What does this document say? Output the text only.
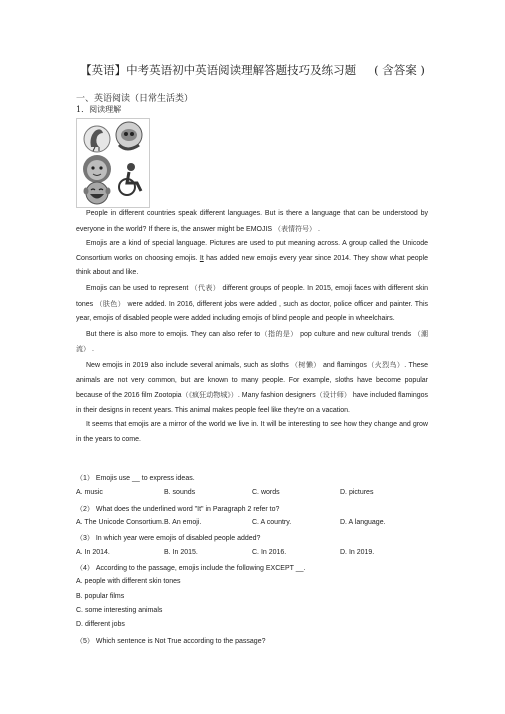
【英语】中考英语初中英语阅读理解答题技巧及练习题 ( 含答案 )
一、英语阅读（日常生活类）
1．阅读理解

People in different countries speak different languages. But is there a language that can be understood by everyone in the world? If there is, the answer might be EMOJIS （表情符号） .

Emojis are a kind of special language. Pictures are used to put meaning across. A group called the Unicode Consortium works on choosing emojis. It has added new emojis every year since 2014. They show what people think about and like.

Emojis can be used to represent （代表） different groups of people. In 2015, emoji faces with different skin tones （肤色） were added. In 2016, different jobs were added , such as doctor, police officer and painter. This year, emojis of disabled people were added including emojis of blind people and people in wheelchairs.

But there is also more to emojis. They can also refer to（指的是） pop culture and new cultural trends （潮流） .

New emojis in 2019 also include several animals, such as sloths （树懒） and flamingos（火烈鸟）. These animals are not very common, but are known to many people. For example, sloths have become popular because of the 2016 film Zootopia（《疯狂动物城》）. Many fashion designers（设计师） have included flamingos in their designs in recent years. This animal makes people feel like they're on a vacation.

It seems that emojis are a mirror of the world we live in. It will be interesting to see how they change and grow in the years to come.

（1） Emojis use __ to express ideas.
A. music	B. sounds	C. words	D. pictures
（2） What does the underlined word "It" in Paragraph 2 refer to?
A. The Unicode Consortium. B. An emoji.	C. A country.	D. A language.
（3） In which year were emojis of disabled people added?
A. In 2014.	B. In 2015.	C. In 2016.	D. In 2019.
（4） According to the passage, emojis include the following EXCEPT __.
A. people with different skin tones
B. popular films
C. some interesting animals
D. different jobs
（5） Which sentence is Not True according to the passage?
